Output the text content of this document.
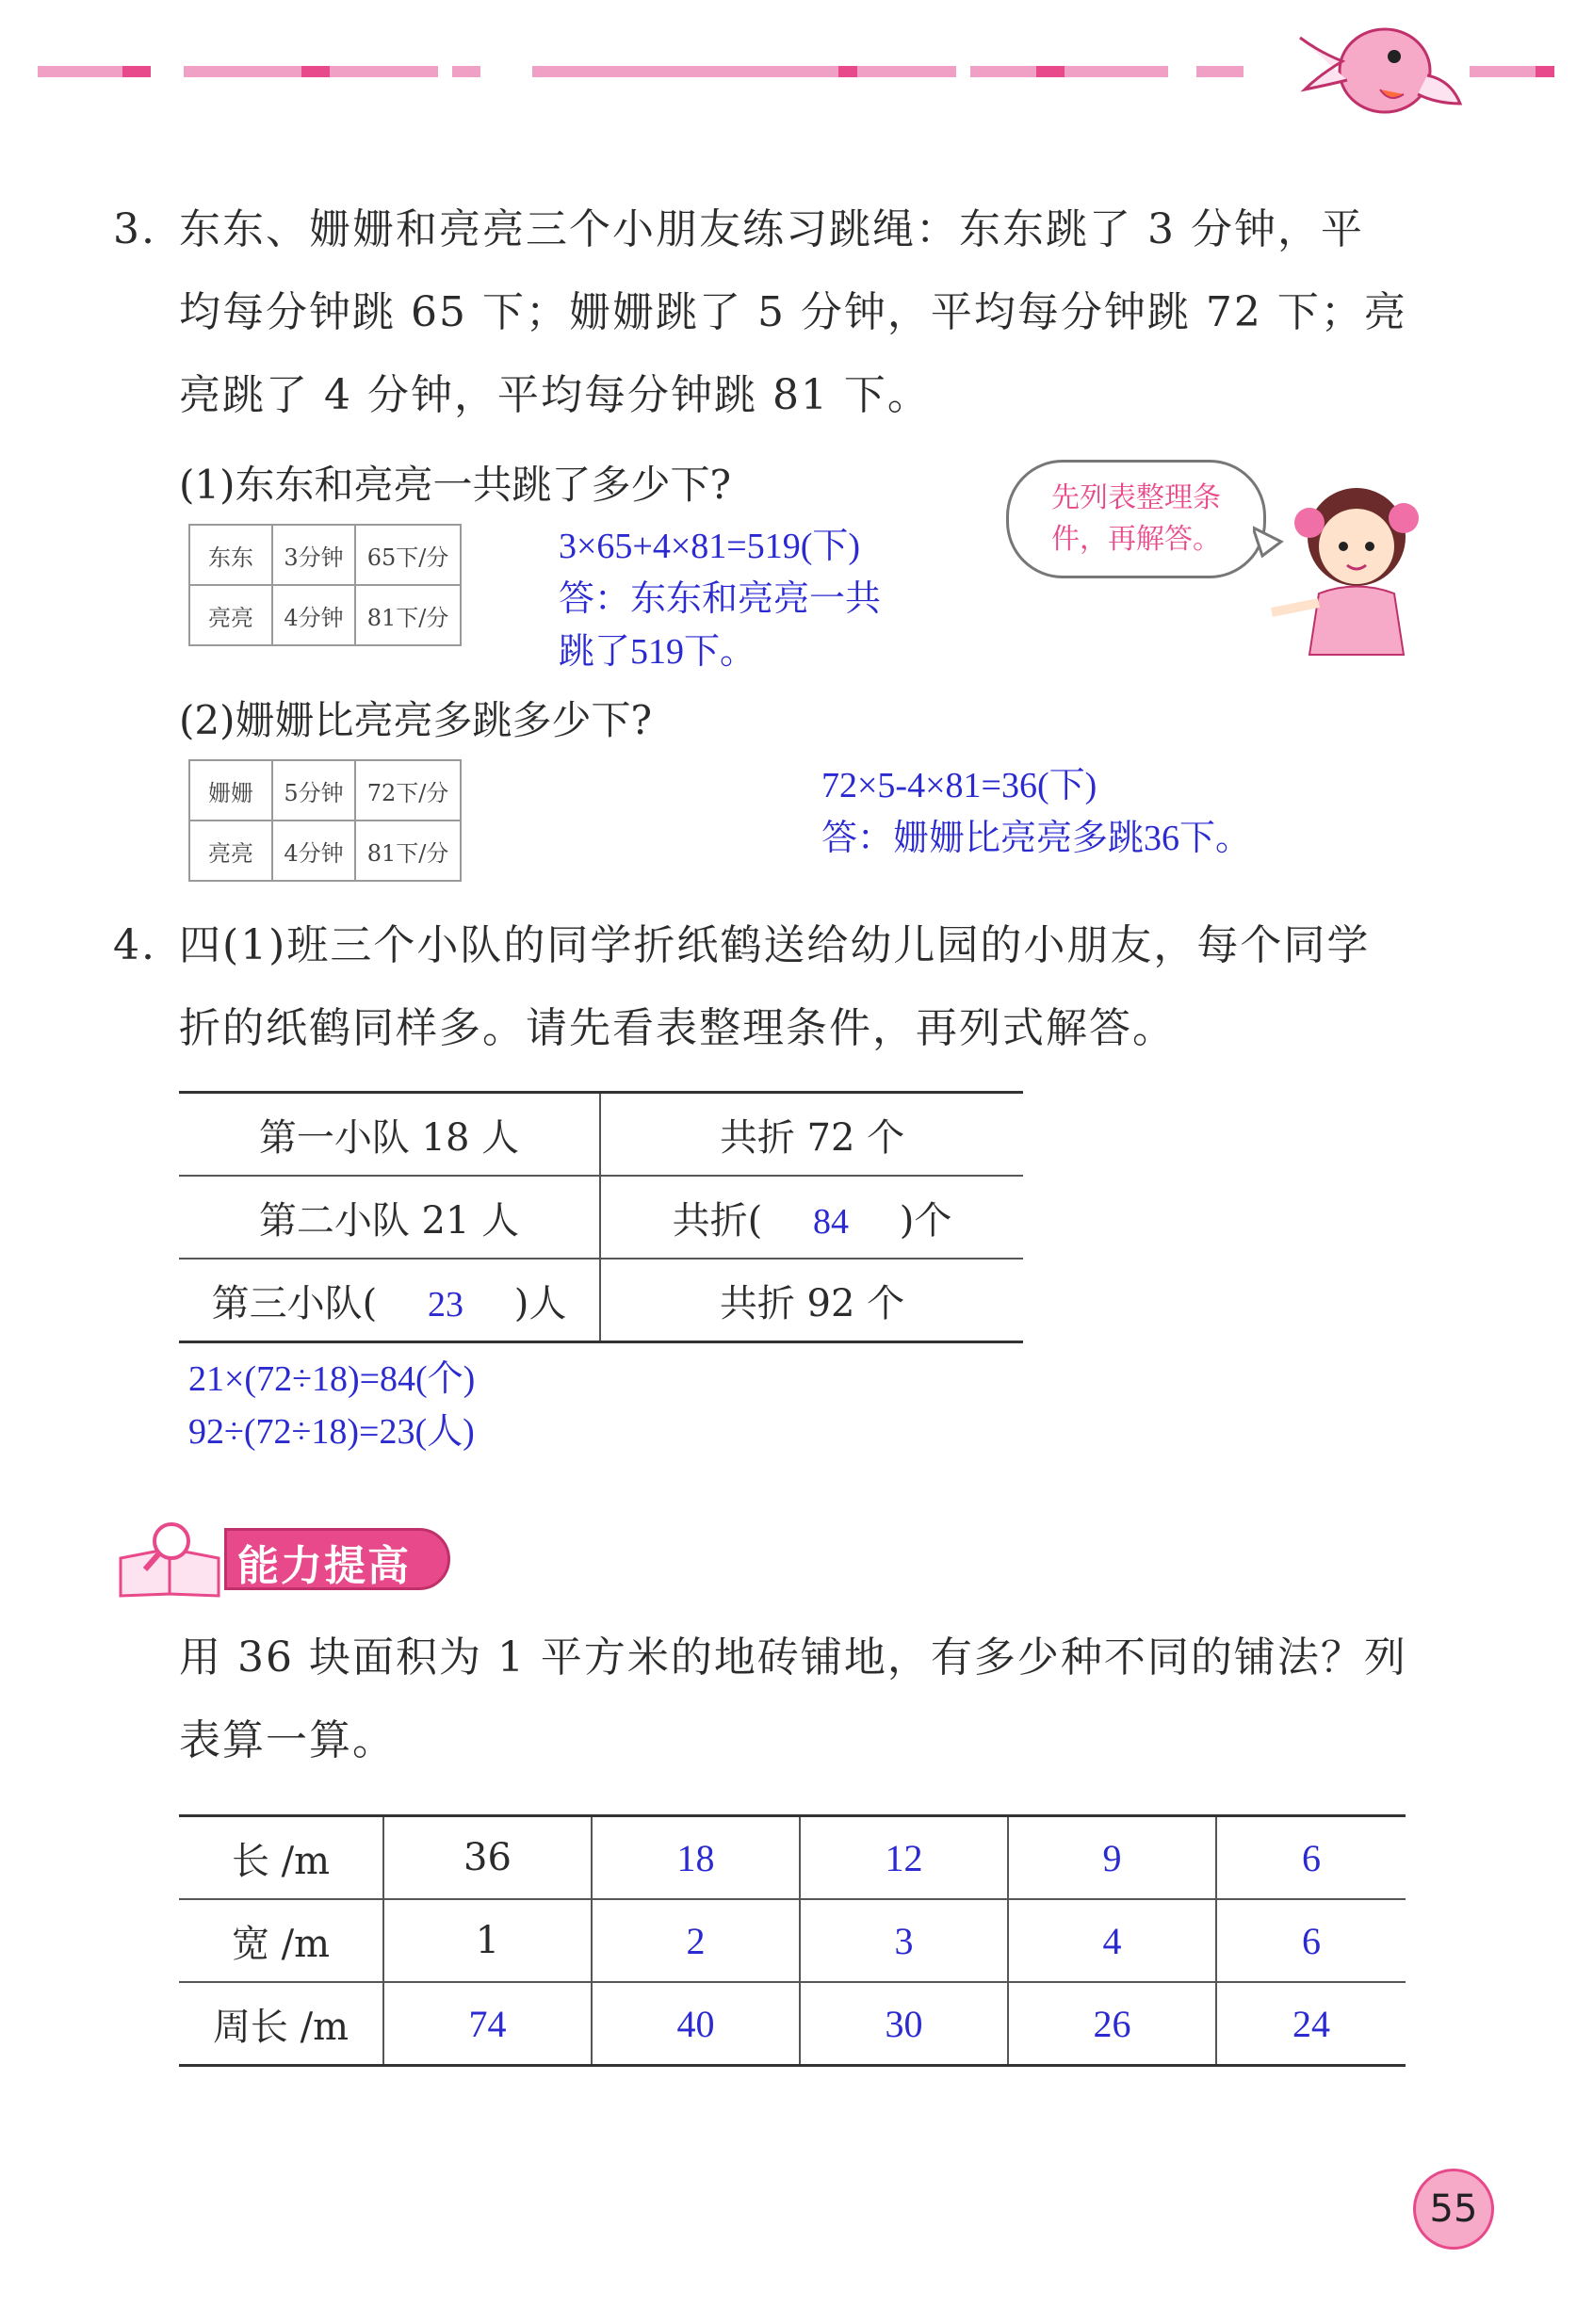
3. 东东、姗姗和亮亮三个小朋友练习跳绳：东东跳了 3 分钟，平
均每分钟跳 65 下；姗姗跳了 5 分钟，平均每分钟跳 72 下；亮
亮跳了 4 分钟，平均每分钟跳 81 下。
(1)东东和亮亮一共跳了多少下?
东东	3分钟	65下/分
亮亮	4分钟	81下/分
3×65+4×81=519(下)
答：东东和亮亮一共
跳了519下。
先列表整理条
件，再解答。
(2)姗姗比亮亮多跳多少下?
姗姗	5分钟	72下/分
亮亮	4分钟	81下/分
72×5-4×81=36(下)
答：姗姗比亮亮多跳36下。
4. 四(1)班三个小队的同学折纸鹤送给幼儿园的小朋友，每个同学
折的纸鹤同样多。请先看表整理条件，再列式解答。
第一小队 18 人	共折 72 个
第二小队 21 人	共折( 84 )个
第三小队( 23 )人	共折 92 个
21×(72÷18)=84(个)
92÷(72÷18)=23(人)
能力提高
用 36 块面积为 1 平方米的地砖铺地，有多少种不同的铺法？列
表算一算。
长 /m	36	18	12	9	6
宽 /m	1	2	3	4	6
周长 /m	74	40	30	26	24
55
